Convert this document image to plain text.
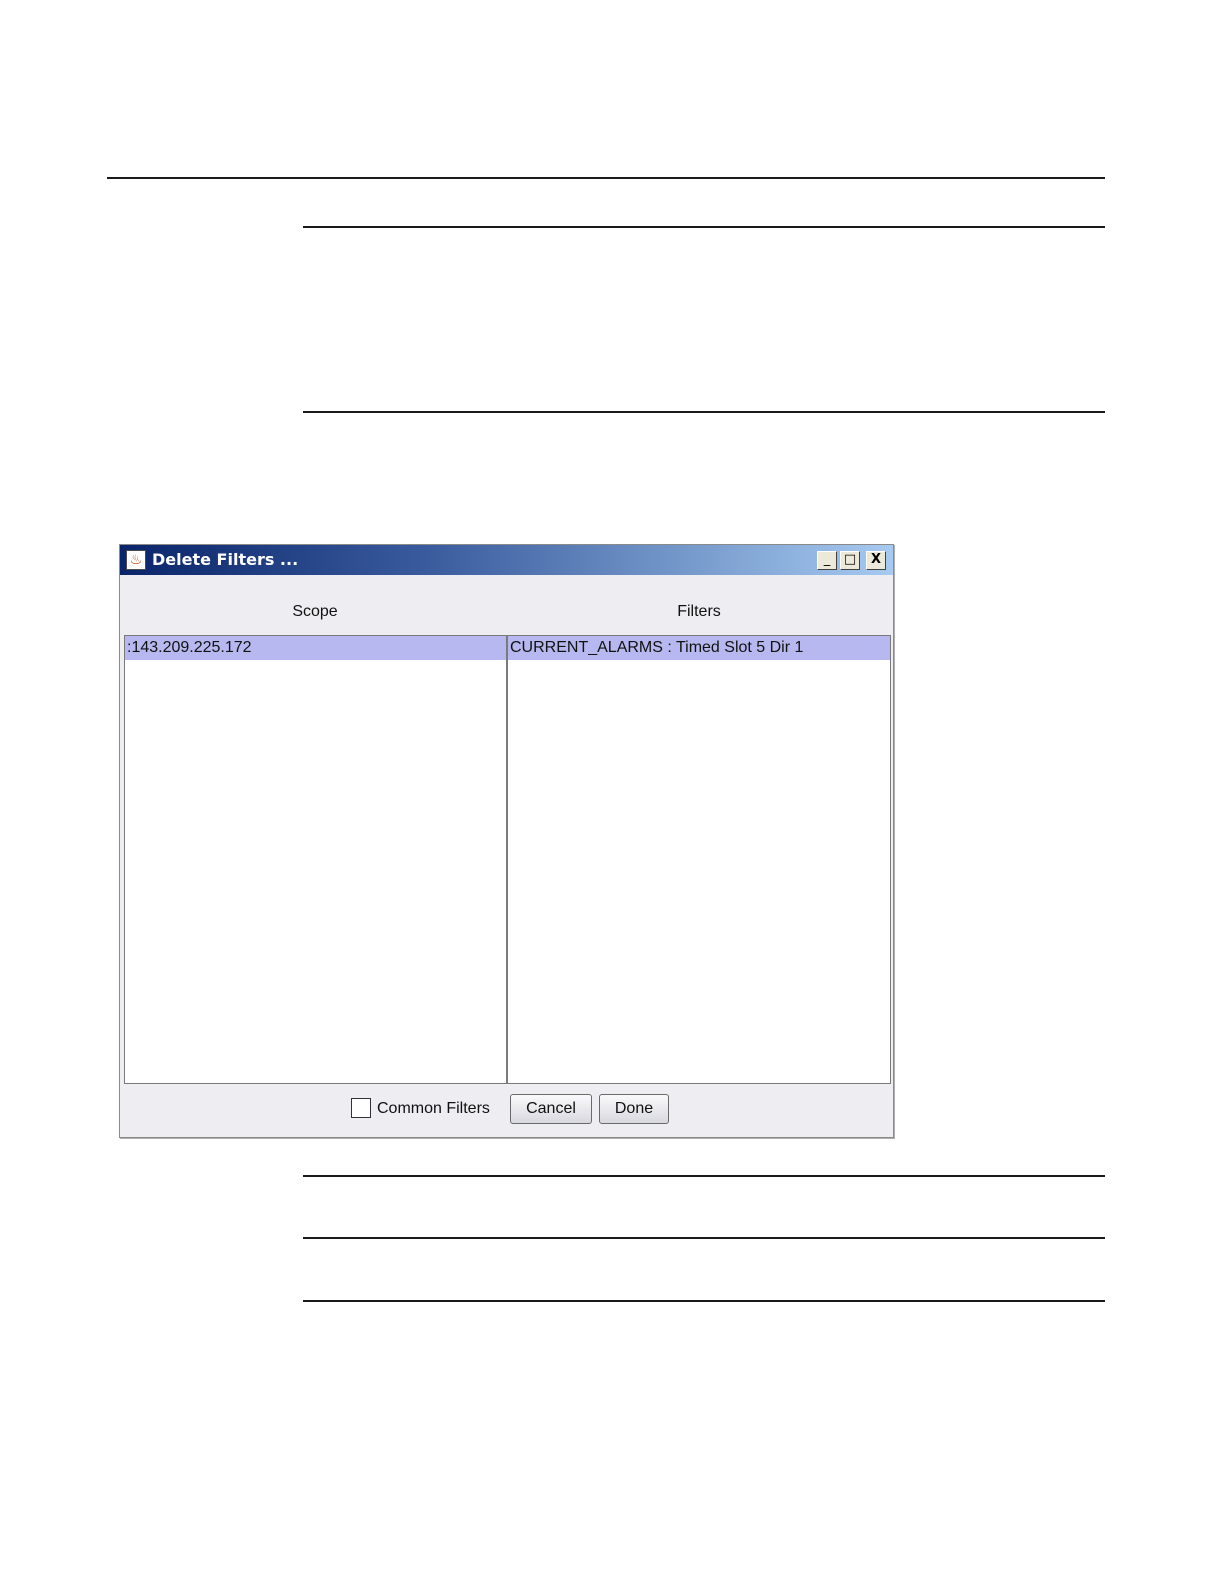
♨ Delete Filters ...	_	□	X
Scope	Filters
:143.209.225.172	CURRENT_ALARMS : Timed Slot 5 Dir 1
Common Filters	Cancel	Done
